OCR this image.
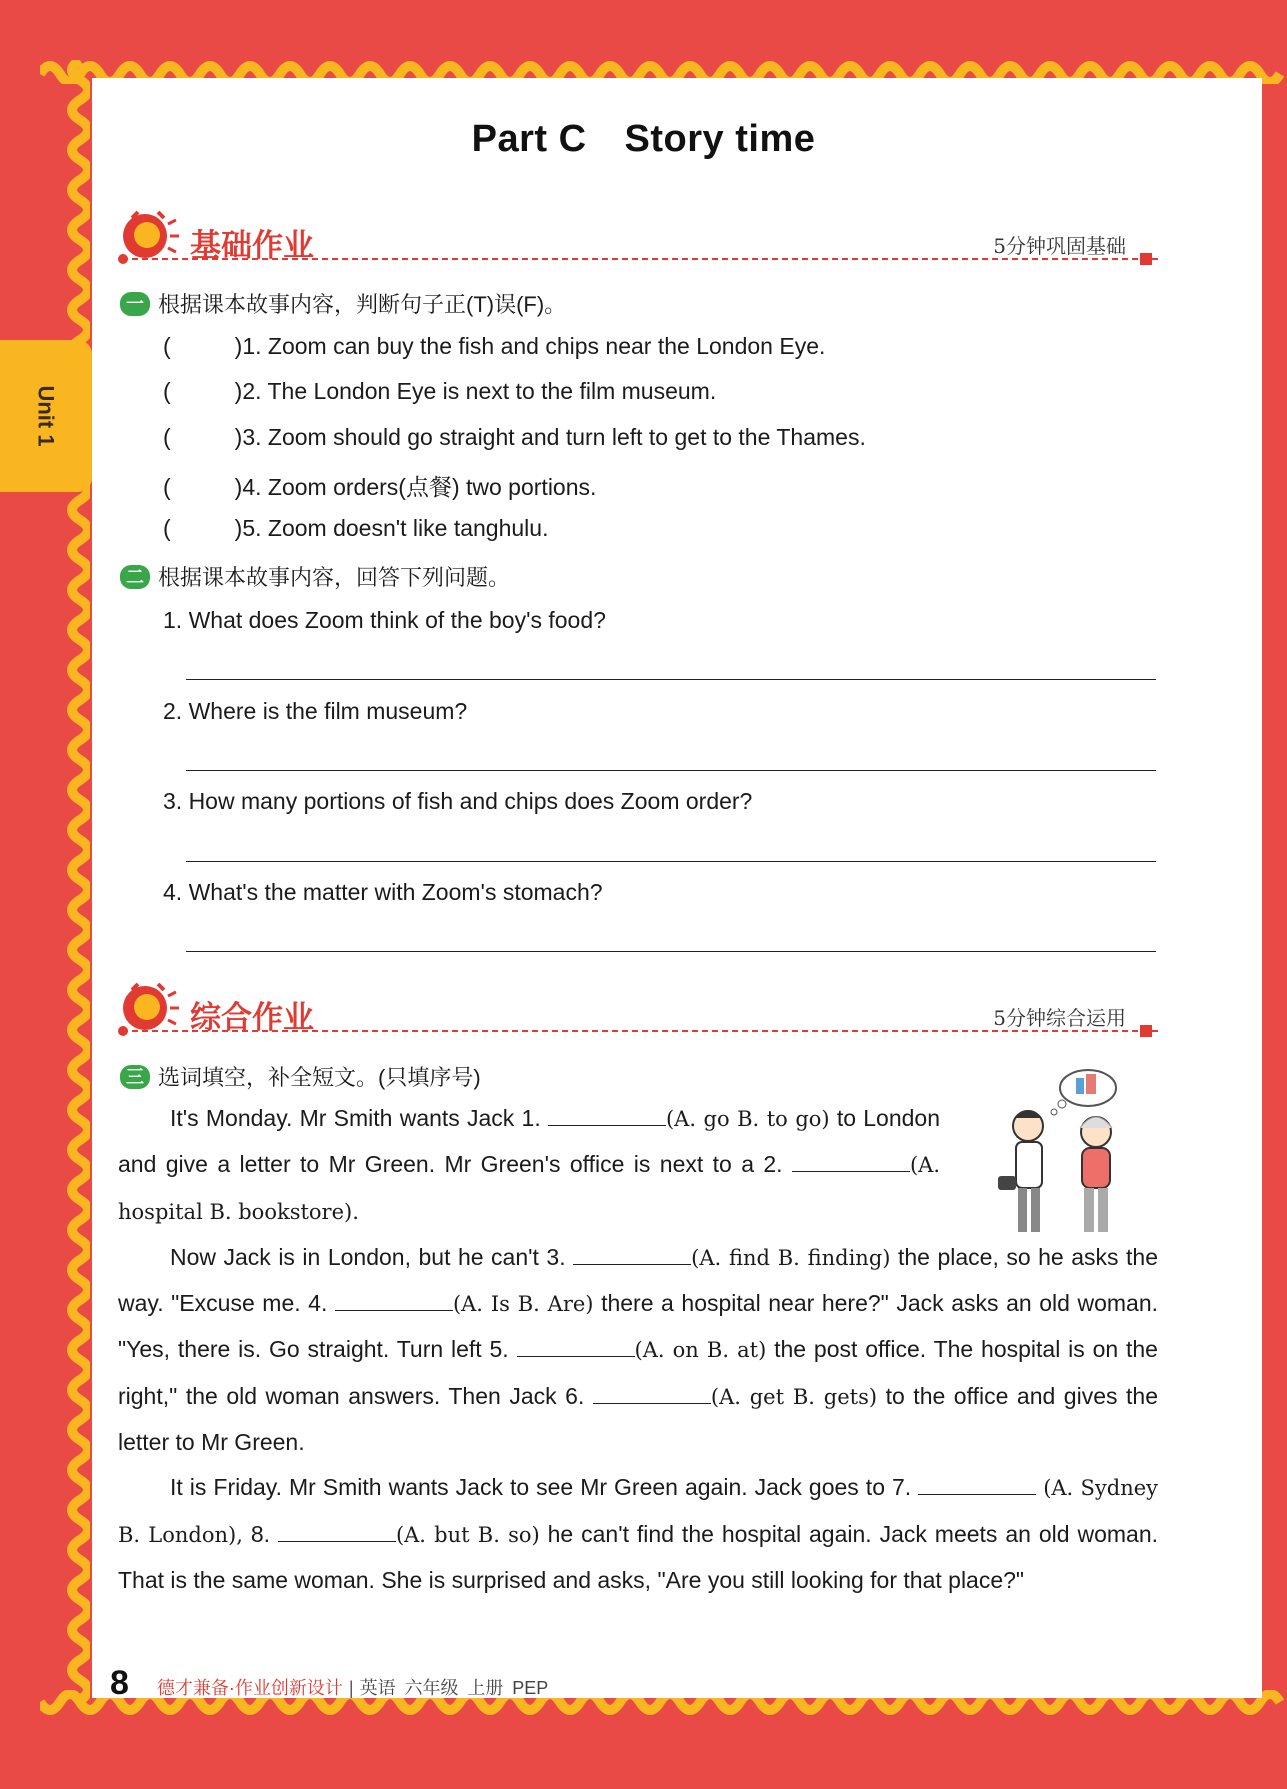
Unit 1
Part C Story time
基础作业	5分钟巩固基础
一 根据课本故事内容，判断句子正(T)误(F)。
(	)1. Zoom can buy the fish and chips near the London Eye.
(	)2. The London Eye is next to the film museum.
(	)3. Zoom should go straight and turn left to get to the Thames.
(	)4. Zoom orders(点餐) two portions.
(	)5. Zoom doesn't like tanghulu.
二 根据课本故事内容，回答下列问题。
1. What does Zoom think of the boy's food?
2. Where is the film museum?
3. How many portions of fish and chips does Zoom order?
4. What's the matter with Zoom's stomach?
综合作业	5分钟综合运用
三 选词填空，补全短文。(只填序号)

It's Monday. Mr Smith wants Jack 1.	(A. go B. to go) to London and give a letter to Mr Green. Mr Green's office is next to a 2.	(A. hospital B. bookstore).

Now Jack is in London, but he can't 3.	(A. find B. finding) the place, so he asks the way. "Excuse me. 4.	(A. Is B. Are) there a hospital near here?" Jack asks an old woman. "Yes, there is. Go straight. Turn left 5.	(A. on B. at) the post office. The hospital is on the right," the old woman answers. Then Jack 6.	(A. get B. gets) to the office and gives the letter to Mr Green.

It is Friday. Mr Smith wants Jack to see Mr Green again. Jack goes to 7.	(A. Sydney B. London), 8.	(A. but B. so) he can't find the hospital again. Jack meets an old woman. That is the same woman. She is surprised and asks, "Are you still looking for that place?"

8 德才兼备·作业创新设计 | 英语
六年级
上册
PEP
